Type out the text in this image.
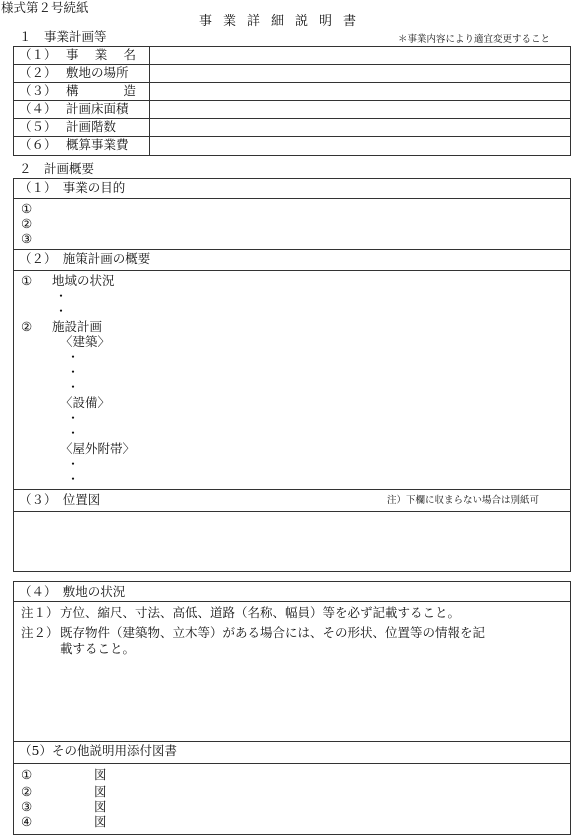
様式第２号続紙
事業詳細説明書
＊事業内容により適宜変更すること
１　事業計画等
（１） 事 業 名
（２） 敷地の場所
（３） 構	造
（４） 計画床面積
（５） 計画階数
（６） 概算事業費
２　計画概要
（１）　事業の目的
①
②
③
（２）　施策計画の概要
① 地域の状況
・
・
② 施設計画
〈建築〉
・
・
・
〈設備〉
・
・
〈屋外附帯〉
・
・
（３）　位置図	注）下欄に収まらない場合は別紙可
（４）　敷地の状況
注１） 方位、縮尺、寸法、高低、道路（名称、幅員）等を必ず記載すること。
注２） 既存物件（建築物、立木等）がある場合には、その形状、位置等の情報を記
載すること。
（5）その他説明用添付図書
①	図
②	図
③	図
④	図
